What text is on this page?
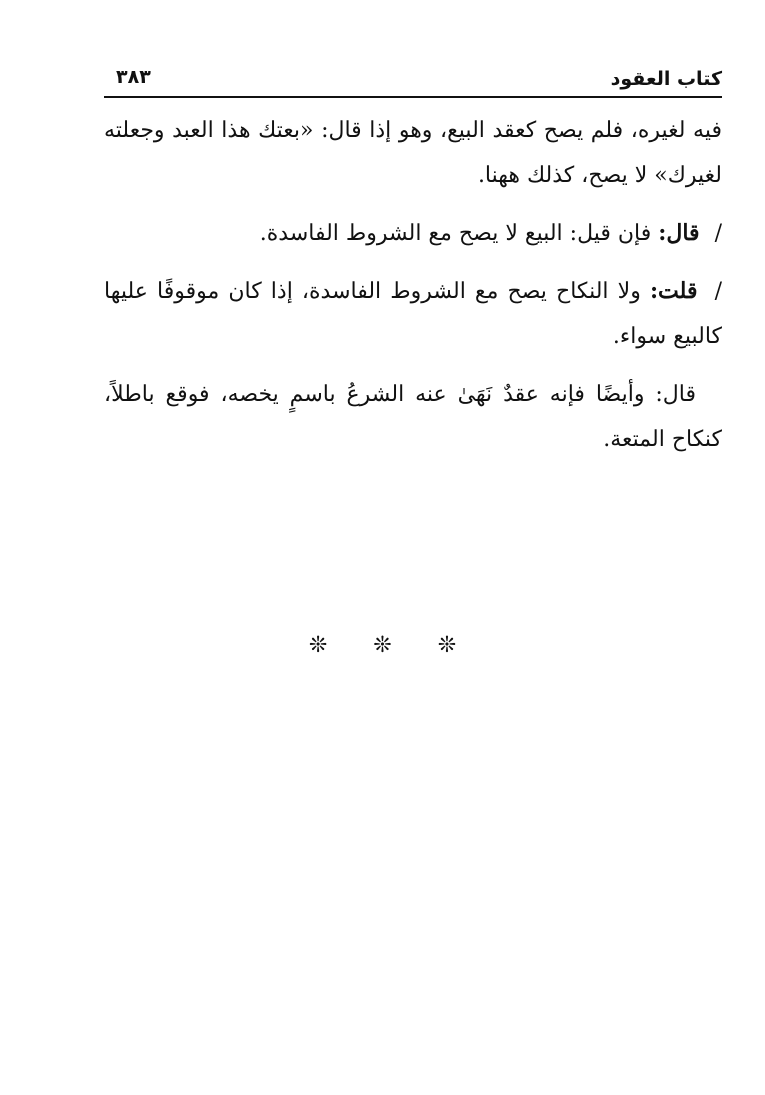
كتاب العقود
٣٨٣

فيه لغيره، فلم يصح كعقد البيع، وهو إذا قال: «بعتك هذا العبد وجعلته لغيرك» لا يصح، كذلك ههنا.

/ قال: فإن قيل: البيع لا يصح مع الشروط الفاسدة.

/ قلت: ولا النكاح يصح مع الشروط الفاسدة، إذا كان موقوفًا عليها كالبيع سواء.

قال: وأيضًا فإنه عقدٌ نَهَىٰ عنه الشرعُ باسمٍ يخصه، فوقع باطلاً، كنكاح المتعة.

❊ ❊ ❊
